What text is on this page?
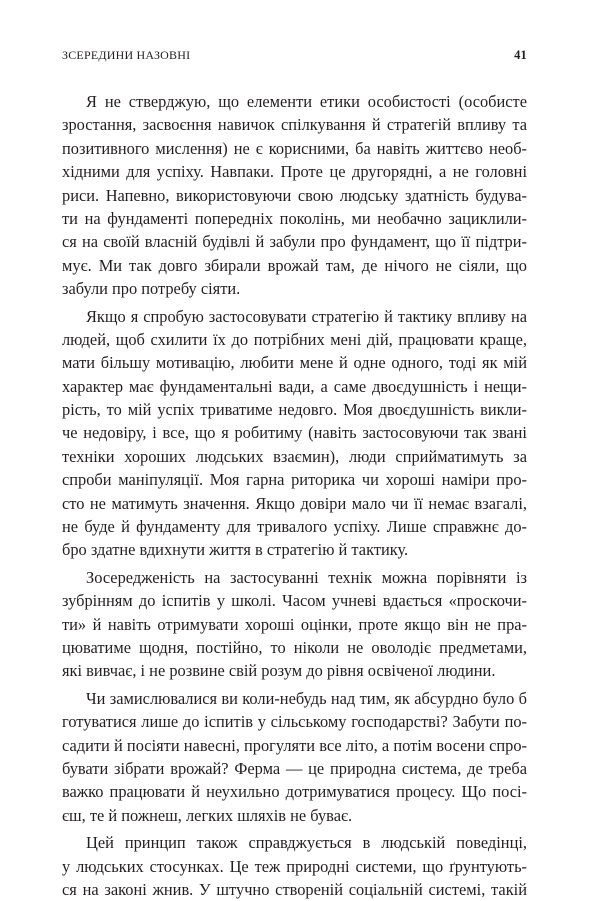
ЗСЕРЕДИНИ НАЗОВНІ	41
Я не стверджую, що елементи етики особистості (особисте
зростання, засвоєння навичок спілкування й стратегій впливу та
позитивного мислення) не є корисними, ба навіть життєво необ-
хідними для успіху. Навпаки. Проте це другорядні, а не головні
риси. Напевно, використовуючи свою людську здатність будува-
ти на фундаменті попередніх поколінь, ми необачно зациклили-
ся на своїй власній будівлі й забули про фундамент, що її підтри-
мує. Ми так довго збирали врожай там, де нічого не сіяли, що
забули про потребу сіяти.
Якщо я спробую застосовувати стратегію й тактику впливу на
людей, щоб схилити їх до потрібних мені дій, працювати краще,
мати більшу мотивацію, любити мене й одне одного, тоді як мій
характер має фундаментальні вади, а саме двоєдушність і нещи-
рість, то мій успіх триватиме недовго. Моя двоєдушність викли-
че недовіру, і все, що я робитиму (навіть застосовуючи так звані
техніки хороших людських взаємин), люди сприйматимуть за
спроби маніпуляції. Моя гарна риторика чи хороші наміри про-
сто не матимуть значення. Якщо довіри мало чи її немає взагалі,
не буде й фундаменту для тривалого успіху. Лише справжнє до-
бро здатне вдихнути життя в стратегію й тактику.
Зосередженість на застосуванні технік можна порівняти із
зубрінням до іспитів у школі. Часом учневі вдається «проскочи-
ти» й навіть отримувати хороші оцінки, проте якщо він не пра-
цюватиме щодня, постійно, то ніколи не оволодіє предметами,
які вивчає, і не розвине свій розум до рівня освіченої людини.
Чи замислювалися ви коли-небудь над тим, як абсурдно було б
готуватися лише до іспитів у сільському господарстві? Забути по-
садити й посіяти навесні, прогуляти все літо, а потім восени спро-
бувати зібрати врожай? Ферма — це природна система, де треба
важко працювати й неухильно дотримуватися процесу. Що посі-
єш, те й пожнеш, легких шляхів не буває.
Цей принцип також справджується в людській поведінці,
у людських стосунках. Це теж природні системи, що ґрунтують-
ся на законі жнив. У штучно створеній соціальній системі, такій
